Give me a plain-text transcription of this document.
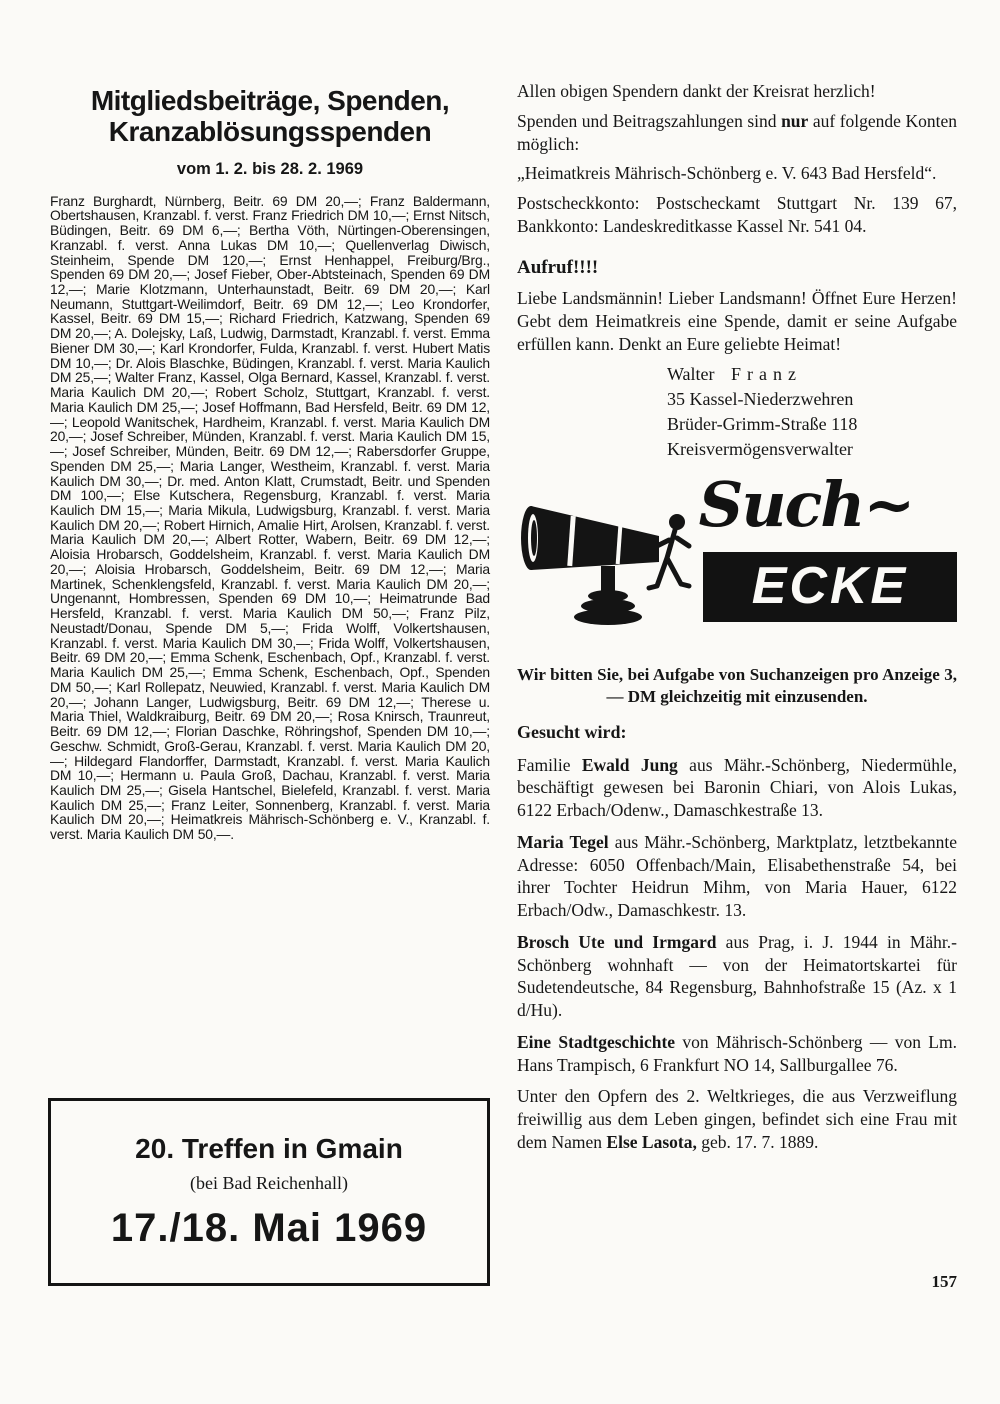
Mitgliedsbeiträge, Spenden,
Kranzablösungsspenden
vom 1. 2. bis 28. 2. 1969

Franz Burghardt, Nürnberg, Beitr. 69 DM 20,—; Franz Baldermann, Obertshausen, Kranzabl. f. verst. Franz Friedrich DM 10,—; Ernst Nitsch, Büdingen, Beitr. 69 DM 6,—; Bertha Vöth, Nürtingen-Oberensingen, Kranzabl. f. verst. Anna Lukas DM 10,—; Quellenverlag Diwisch, Steinheim, Spende DM 120,—; Ernst Henhappel, Freiburg/Brg., Spenden 69 DM 20,—; Josef Fieber, Ober-Abtsteinach, Spenden 69 DM 12,—; Marie Klotzmann, Unterhaunstadt, Beitr. 69 DM 20,—; Karl Neumann, Stuttgart-Weilimdorf, Beitr. 69 DM 12,—; Leo Krondorfer, Kassel, Beitr. 69 DM 15,—; Richard Friedrich, Katzwang, Spenden 69 DM 20,—; A. Dolejsky, Laß, Ludwig, Darmstadt, Kranzabl. f. verst. Emma Biener DM 30,—; Karl Krondorfer, Fulda, Kranzabl. f. verst. Hubert Matis DM 10,—; Dr. Alois Blaschke, Büdingen, Kranzabl. f. verst. Maria Kaulich DM 25,—; Walter Franz, Kassel, Olga Bernard, Kassel, Kranzabl. f. verst. Maria Kaulich DM 20,—; Robert Scholz, Stuttgart, Kranzabl. f. verst. Maria Kaulich DM 25,—; Josef Hoffmann, Bad Hersfeld, Beitr. 69 DM 12,—; Leopold Wanitschek, Hardheim, Kranzabl. f. verst. Maria Kaulich DM 20,—; Josef Schreiber, Münden, Kranzabl. f. verst. Maria Kaulich DM 15,—; Josef Schreiber, Münden, Beitr. 69 DM 12,—; Rabersdorfer Gruppe, Spenden DM 25,—; Maria Langer, Westheim, Kranzabl. f. verst. Maria Kaulich DM 30,—; Dr. med. Anton Klatt, Crumstadt, Beitr. und Spenden DM 100,—; Else Kutschera, Regensburg, Kranzabl. f. verst. Maria Kaulich DM 15,—; Maria Mikula, Ludwigsburg, Kranzabl. f. verst. Maria Kaulich DM 20,—; Robert Hirnich, Amalie Hirt, Arolsen, Kranzabl. f. verst. Maria Kaulich DM 20,—; Albert Rotter, Wabern, Beitr. 69 DM 12,—; Aloisia Hrobarsch, Goddelsheim, Kranzabl. f. verst. Maria Kaulich DM 20,—; Aloisia Hrobarsch, Goddelsheim, Beitr. 69 DM 12,—; Maria Martinek, Schenklengsfeld, Kranzabl. f. verst. Maria Kaulich DM 20,—; Ungenannt, Hombressen, Spenden 69 DM 10,—; Heimatrunde Bad Hersfeld, Kranzabl. f. verst. Maria Kaulich DM 50,—; Franz Pilz, Neustadt/Donau, Spende DM 5,—; Frida Wolff, Volkertshausen, Kranzabl. f. verst. Maria Kaulich DM 30,—; Frida Wolff, Volkertshausen, Beitr. 69 DM 20,—; Emma Schenk, Eschenbach, Opf., Kranzabl. f. verst. Maria Kaulich DM 25,—; Emma Schenk, Eschenbach, Opf., Spenden DM 50,—; Karl Rollepatz, Neuwied, Kranzabl. f. verst. Maria Kaulich DM 20,—; Johann Langer, Ludwigsburg, Beitr. 69 DM 12,—; Therese u. Maria Thiel, Waldkraiburg, Beitr. 69 DM 20,—; Rosa Knirsch, Traunreut, Beitr. 69 DM 12,—; Florian Daschke, Röhringshof, Spenden DM 10,—; Geschw. Schmidt, Groß-Gerau, Kranzabl. f. verst. Maria Kaulich DM 20,—; Hildegard Flandorffer, Darmstadt, Kranzabl. f. verst. Maria Kaulich DM 10,—; Hermann u. Paula Groß, Dachau, Kranzabl. f. verst. Maria Kaulich DM 25,—; Gisela Hantschel, Bielefeld, Kranzabl. f. verst. Maria Kaulich DM 25,—; Franz Leiter, Sonnenberg, Kranzabl. f. verst. Maria Kaulich DM 20,—; Heimatkreis Mährisch-Schönberg e. V., Kranzabl. f. verst. Maria Kaulich DM 50,—.

20. Treffen in Gmain
(bei Bad Reichenhall)
17./18. Mai 1969

Allen obigen Spendern dankt der Kreisrat herzlich!

Spenden und Beitragszahlungen sind nur auf folgende Konten möglich:

„Heimatkreis Mährisch-Schönberg e. V. 643 Bad Hersfeld“.

Postscheckkonto: Postscheckamt Stuttgart Nr. 139 67, Bankkonto: Landeskreditkasse Kassel Nr. 541 04.

Aufruf!!!!

Liebe Landsmännin! Lieber Landsmann! Öffnet Eure Herzen! Gebt dem Heimatkreis eine Spende, damit er seine Aufgabe erfüllen kann. Denkt an Eure geliebte Heimat!

Walter Franz
35 Kassel-Niederzwehren
Brüder-Grimm-Straße 118
Kreisvermögensverwalter
Such~
ECKE

Wir bitten Sie, bei Aufgabe von Suchanzeigen pro Anzeige 3,— DM gleichzeitig mit einzusenden.

Gesucht wird:

Familie Ewald Jung aus Mähr.-Schönberg, Niedermühle, beschäftigt gewesen bei Baronin Chiari, von Alois Lukas, 6122 Erbach/Odenw., Damaschkestraße 13.

Maria Tegel aus Mähr.-Schönberg, Marktplatz, letztbekannte Adresse: 6050 Offenbach/Main, Elisabethenstraße 54, bei ihrer Tochter Heidrun Mihm, von Maria Hauer, 6122 Erbach/Odw., Damaschkestr. 13.

Brosch Ute und Irmgard aus Prag, i. J. 1944 in Mähr.-Schönberg wohnhaft — von der Heimatortskartei für Sudetendeutsche, 84 Regensburg, Bahnhofstraße 15 (Az. x 1 d/Hu).

Eine Stadtgeschichte von Mährisch-Schönberg — von Lm. Hans Trampisch, 6 Frankfurt NO 14, Sallburgallee 76.

Unter den Opfern des 2. Weltkrieges, die aus Verzweiflung freiwillig aus dem Leben gingen, befindet sich eine Frau mit dem Namen Else Lasota, geb. 17. 7. 1889.

157
